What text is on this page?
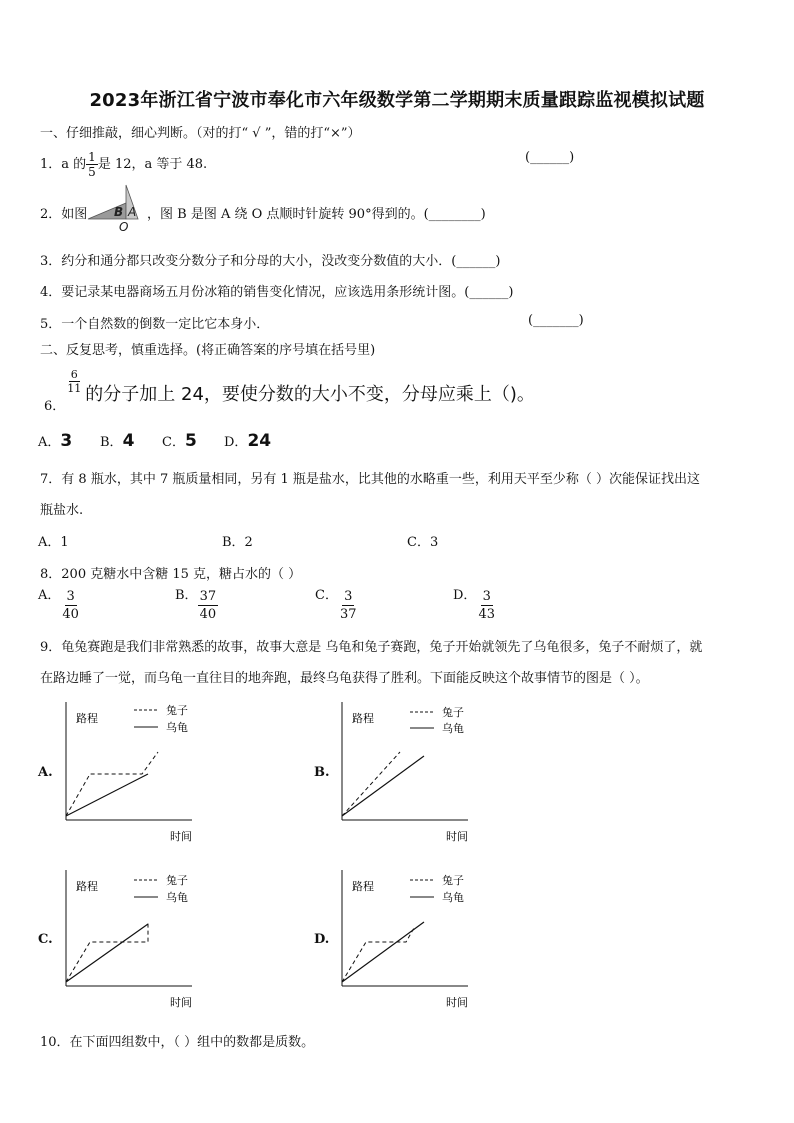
2023年浙江省宁波市奉化市六年级数学第二学期期末质量跟踪监视模拟试题
一、仔细推敲，细心判断。（对的打“ √ ”，错的打“×”）
1．a 的 $\frac{1}{5}$ 是 12，a 等于 48.	(______)
2．如图 B A
O
，图 B 是图 A 绕 O 点顺时针旋转 90°得到的。(________)
3．约分和通分都只改变分数分子和分母的大小，没改变分数值的大小．(______)
4．要记录某电器商场五月份冰箱的销售变化情况，应该选用条形统计图。(______)
5．一个自然数的倒数一定比它本身小．	(_______)
二、反复思考，慎重选择。(将正确答案的序号填在括号里)
$_{6.}$
$\frac{6}{11}$ 的分子加上 24，要使分数的大小不变，分母应乘上（)。
A．3 B．4 C．5 D．24
7．有 8 瓶水，其中 7 瓶质量相同，另有 1 瓶是盐水，比其他的水略重一些，利用天平至少称（ ）次能保证找出这
瓶盐水.
A．1	B．2	C．3
8．200 克糖水中含糖 15 克，糖占水的（ ）
A． $\frac{3}{40}$	B． $\frac{37}{40}$	C． $\frac{3}{37}$	D． $\frac{3}{43}$
9．龟兔赛跑是我们非常熟悉的故事，故事大意是 乌龟和兔子赛跑，兔子开始就领先了乌龟很多，兔子不耐烦了，就
在路边睡了一觉，而乌龟一直往目的地奔跑，最终乌龟获得了胜利。下面能反映这个故事情节的图是（ ）。
A.
路程
时间
兔子
乌龟
B.
路程
时间
兔子
乌龟
C.
路程
时间
兔子
乌龟
D.
路程
时间
兔子
乌龟
10．在下面四组数中，（ ）组中的数都是质数。
